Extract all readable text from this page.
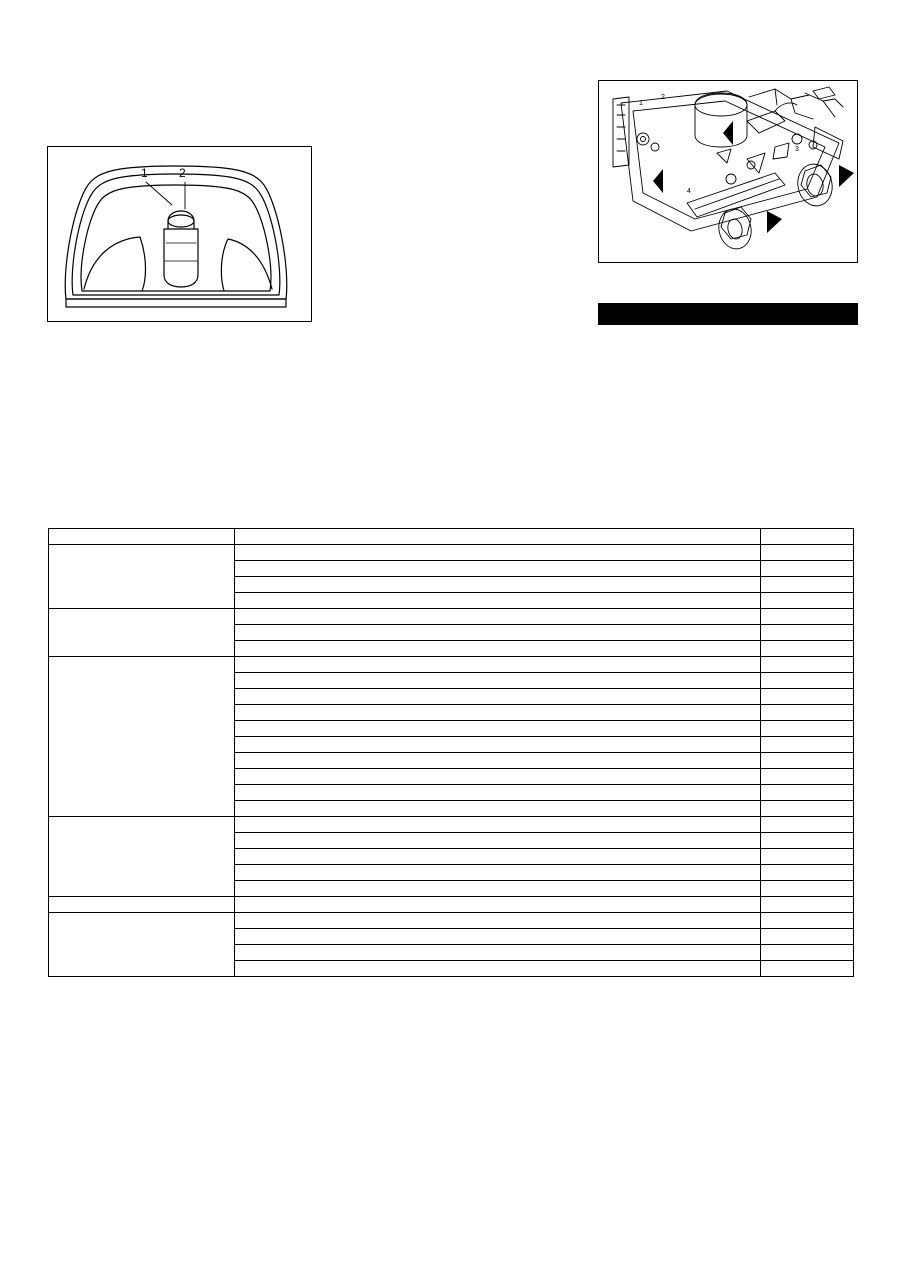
1	2
1
2
3
4
